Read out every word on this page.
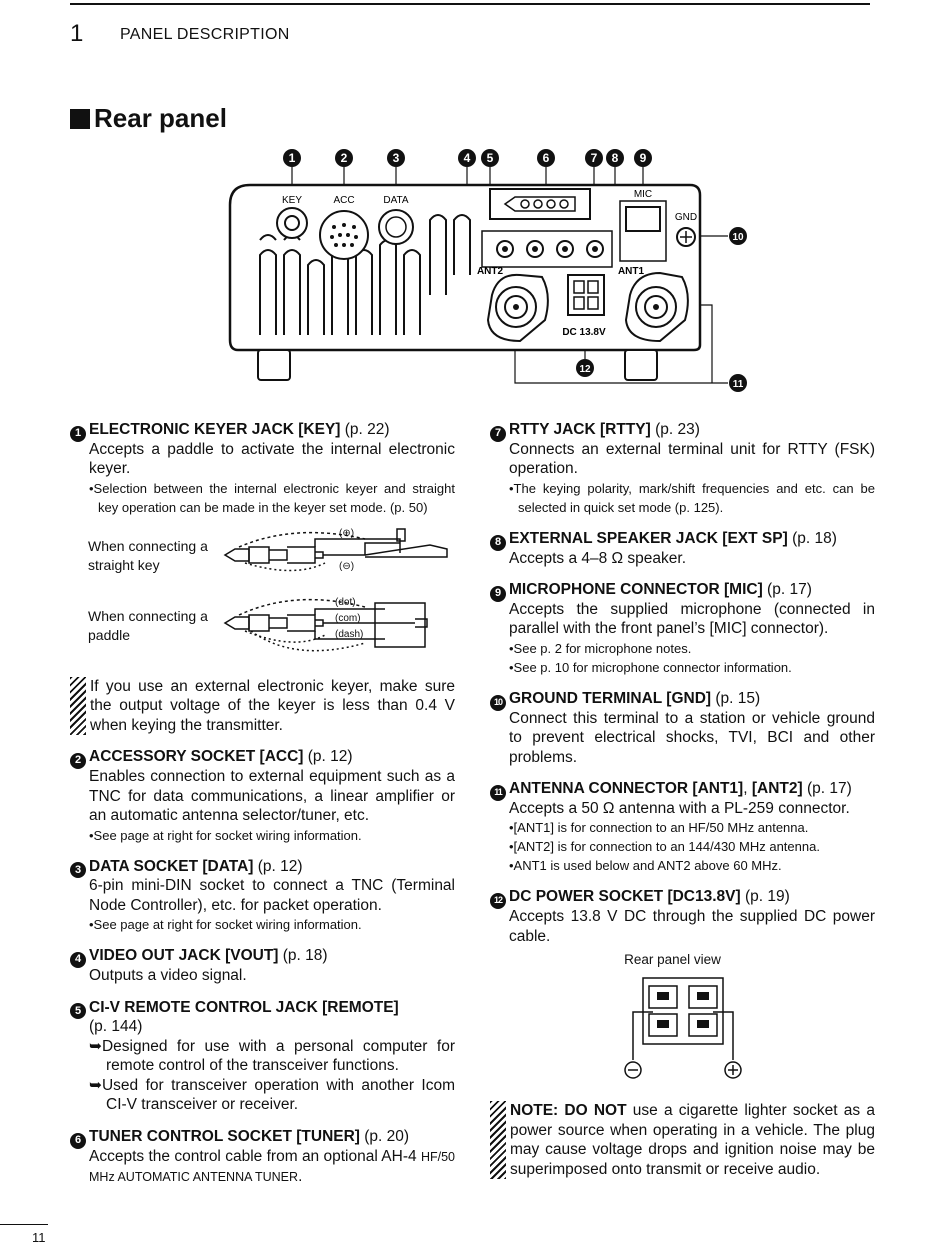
1 PANEL DESCRIPTION
Rear panel
1	2	3	4 5	6	7 8 9
10
11
12
KEY	ACC	DATA
MIC
GND
ANT2	ANT1
DC 13.8V
1 ELECTRONIC KEYER JACK [KEY] (p. 22)
Accepts a paddle to activate the internal electronic keyer.
•Selection between the internal electronic keyer and straight key operation can be made in the keyer set mode. (p. 50)
When connecting a straight key
When connecting a paddle
(⊕)
(⊖)
(dot)
(com)
(dash)
If you use an external electronic keyer, make sure the output voltage of the keyer is less than 0.4 V when keying the transmitter.
2 ACCESSORY SOCKET [ACC] (p. 12)
Enables connection to external equipment such as a TNC for data communications, a linear amplifier or an automatic antenna selector/tuner, etc.
•See page at right for socket wiring information.
3 DATA SOCKET [DATA] (p. 12)
6-pin mini-DIN socket to connect a TNC (Terminal Node Controller), etc. for packet operation.
•See page at right for socket wiring information.
4 VIDEO OUT JACK [VOUT] (p. 18)
Outputs a video signal.
5 CI-V REMOTE CONTROL JACK [REMOTE]
(p. 144)
➥Designed for use with a personal computer for remote control of the transceiver functions.
➥Used for transceiver operation with another Icom CI-V transceiver or receiver.
6 TUNER CONTROL SOCKET [TUNER] (p. 20)
Accepts the control cable from an optional AH-4 HF/50 MHz AUTOMATIC ANTENNA TUNER.
7 RTTY JACK [RTTY] (p. 23)
Connects an external terminal unit for RTTY (FSK) operation.
•The keying polarity, mark/shift frequencies and etc. can be selected in quick set mode (p. 125).
8 EXTERNAL SPEAKER JACK [EXT SP] (p. 18)
Accepts a 4–8 Ω speaker.
9 MICROPHONE CONNECTOR [MIC] (p. 17)
Accepts the supplied microphone (connected in parallel with the front panel’s [MIC] connector).
•See p. 2 for microphone notes.
•See p. 10 for microphone connector information.
10 GROUND TERMINAL [GND] (p. 15)
Connect this terminal to a station or vehicle ground to prevent electrical shocks, TVI, BCI and other problems.
11 ANTENNA CONNECTOR [ANT1], [ANT2] (p. 17)
Accepts a 50 Ω antenna with a PL-259 connector.
•[ANT1] is for connection to an HF/50 MHz antenna.
•[ANT2] is for connection to an 144/430 MHz antenna.
•ANT1 is used below and ANT2 above 60 MHz.
12 DC POWER SOCKET [DC13.8V] (p. 19)
Accepts 13.8 V DC through the supplied DC power cable.
Rear panel view
NOTE: DO NOT use a cigarette lighter socket as a power source when operating in a vehicle. The plug may cause voltage drops and ignition noise may be superimposed onto transmit or receive audio.
11
